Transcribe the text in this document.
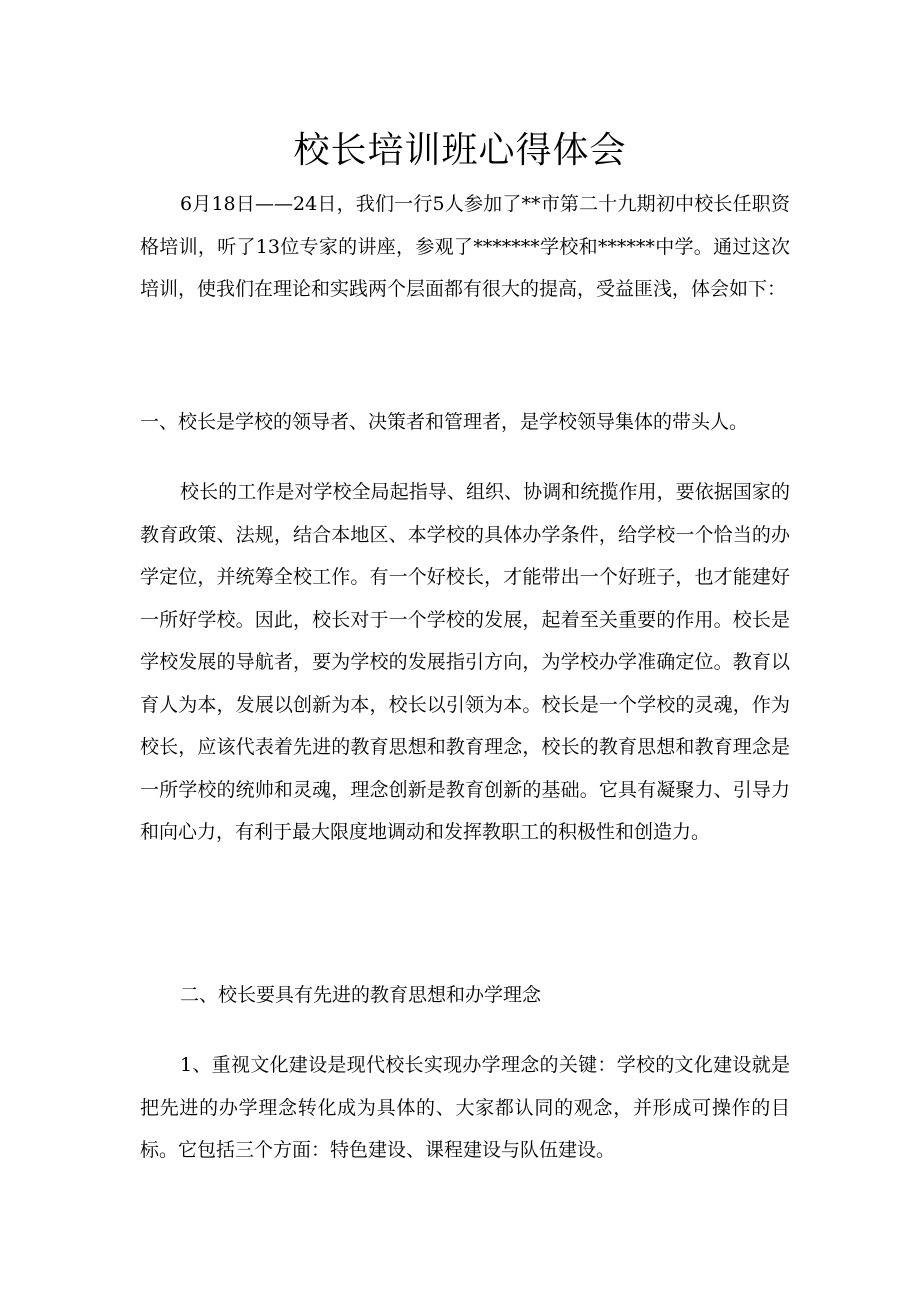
校长培训班心得体会

6月18日——24日，我们一行5人参加了**市第二十九期初中校长任职资格培训，听了13位专家的讲座，参观了*******学校和******中学。通过这次培训，使我们在理论和实践两个层面都有很大的提高，受益匪浅，体会如下：

一、校长是学校的领导者、决策者和管理者，是学校领导集体的带头人。

校长的工作是对学校全局起指导、组织、协调和统揽作用，要依据国家的教育政策、法规，结合本地区、本学校的具体办学条件，给学校一个恰当的办学定位，并统筹全校工作。有一个好校长，才能带出一个好班子，也才能建好一所好学校。因此，校长对于一个学校的发展，起着至关重要的作用。校长是学校发展的导航者，要为学校的发展指引方向，为学校办学准确定位。教育以育人为本，发展以创新为本，校长以引领为本。校长是一个学校的灵魂，作为校长，应该代表着先进的教育思想和教育理念，校长的教育思想和教育理念是一所学校的统帅和灵魂，理念创新是教育创新的基础。它具有凝聚力、引导力和向心力，有利于最大限度地调动和发挥教职工的积极性和创造力。

二、校长要具有先进的教育思想和办学理念

1、重视文化建设是现代校长实现办学理念的关键：学校的文化建设就是把先进的办学理念转化成为具体的、大家都认同的观念，并形成可操作的目标。它包括三个方面：特色建设、课程建设与队伍建设。
